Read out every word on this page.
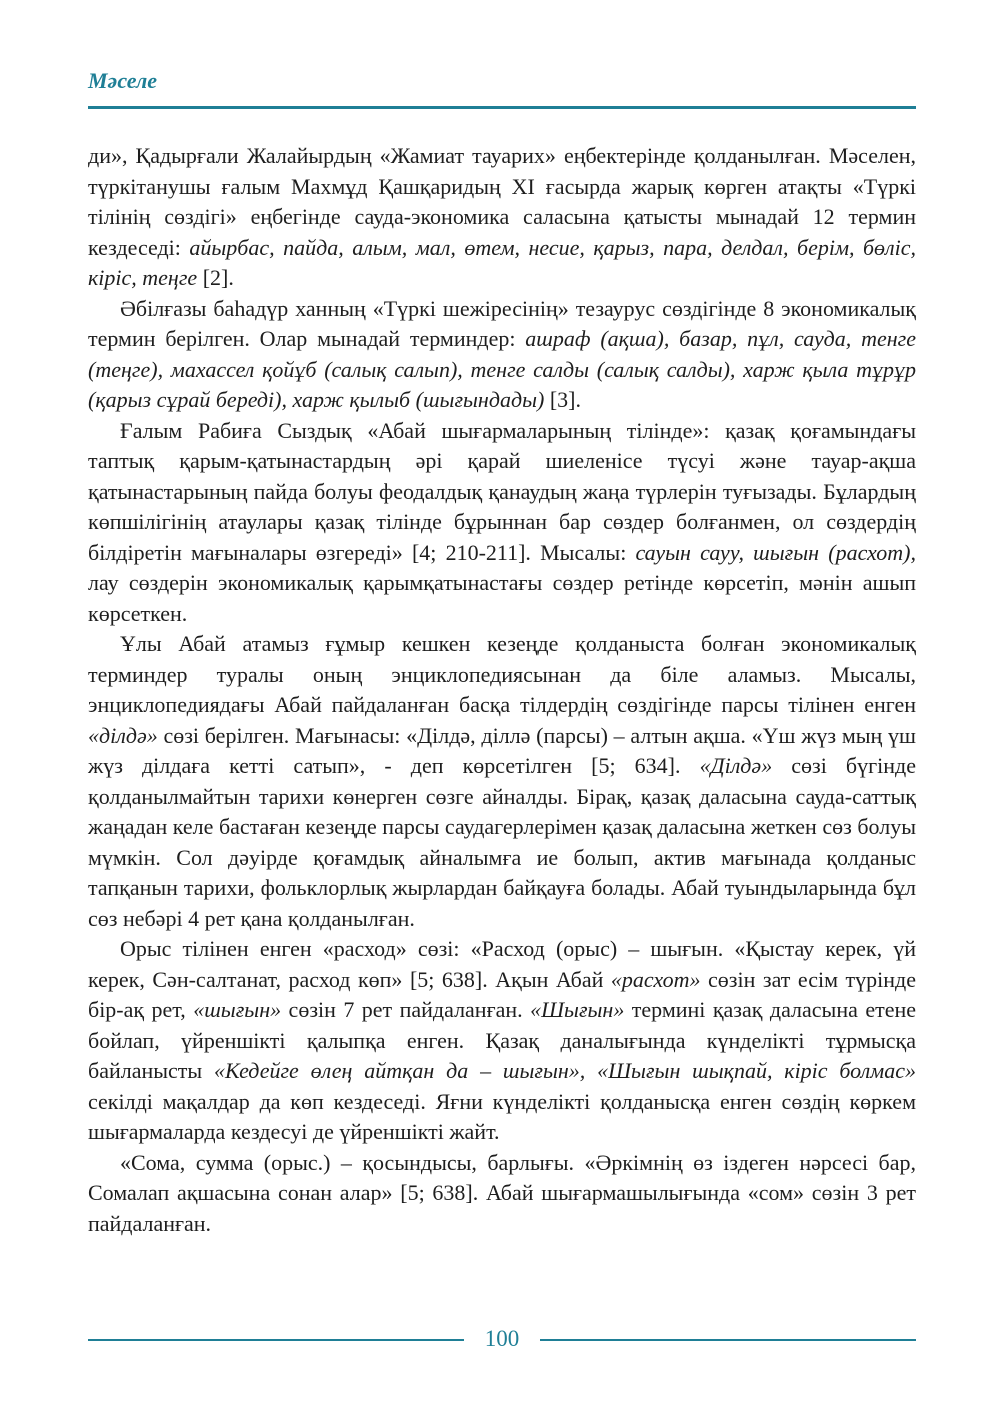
Мәселе

ди», Қадырғали Жалайырдың «Жамиат тауарих» еңбектерінде қолданылған. Мәселен, түркітанушы ғалым Махмұд Қашқаридың XI ғасырда жарық көрген атақты «Түркі тілінің сөздігі» еңбегінде сауда-экономика саласына қатысты мынадай 12 термин кездеседі: айырбас, пайда, алым, мал, өтем, несие, қарыз, пара, делдал, берім, бөліс, кіріс, теңге [2].

Әбілғазы баһадүр ханның «Түркі шежіресінің» тезаурус сөздігінде 8 экономикалық термин берілген. Олар мынадай терминдер: ашраф (ақша), базар, пұл, сауда, тенге (теңге), махассел қойұб (салық салып), тенге салды (салық салды), харж қыла тұрұр (қарыз сұрай береді), харж қылыб (шығындады) [3].

Ғалым Рабиға Сыздық «Абай шығармаларының тілінде»: қазақ қоғамындағы таптық қарым-қатынастардың әрі қарай шиеленісе түсуі және тауар-ақша қатынастарының пайда болуы феодалдық қанаудың жаңа түрлерін туғызады. Бұлардың көпшілігінің атаулары қазақ тілінде бұрыннан бар сөздер болғанмен, ол сөздердің білдіретін мағыналары өзгереді» [4; 210-211]. Мысалы: сауын сауу, шығын (расхот), лау сөздерін экономикалық қарымқатынастағы сөздер ретінде көрсетіп, мәнін ашып көрсеткен.

Ұлы Абай атамыз ғұмыр кешкен кезеңде қолданыста болған экономикалық терминдер туралы оның энциклопедиясынан да біле аламыз. Мысалы, энциклопедиядағы Абай пайдаланған басқа тілдердің сөздігінде парсы тілінен енген «ділдә» сөзі берілген. Мағынасы: «Ділдә, діллә (парсы) – алтын ақша. «Үш жүз мың үш жүз ділдаға кетті сатып», - деп көрсетілген [5; 634]. «Ділдә» сөзі бүгінде қолданылмайтын тарихи көнерген сөзге айналды. Бірақ, қазақ даласына сауда-саттық жаңадан келе бастаған кезеңде парсы саудагерлерімен қазақ даласына жеткен сөз болуы мүмкін. Сол дәуірде қоғамдық айналымға ие болып, актив мағынада қолданыс тапқанын тарихи, фольклорлық жырлардан байқауға болады. Абай туындыларында бұл сөз небәрі 4 рет қана қолданылған.

Орыс тілінен енген «расход» сөзі: «Расход (орыс) – шығын. «Қыстау керек, үй керек, Сән-салтанат, расход көп» [5; 638]. Ақын Абай «расхот» сөзін зат есім түрінде бір-ақ рет, «шығын» сөзін 7 рет пайдаланған. «Шығын» термині қазақ даласына етене бойлап, үйреншікті қалыпқа енген. Қазақ даналығында күнделікті тұрмысқа байланысты «Кедейге өлең айтқан да – шығын», «Шығын шықпай, кіріс болмас» секілді мақалдар да көп кездеседі. Яғни күнделікті қолданысқа енген сөздің көркем шығармаларда кездесуі де үйреншікті жайт.

«Сома, сумма (орыс.) – қосындысы, барлығы. «Әркімнің өз іздеген нәрсесі бар, Сомалап ақшасына сонан алар» [5; 638]. Абай шығармашылығында «сом» сөзін 3 рет пайдаланған.

100
